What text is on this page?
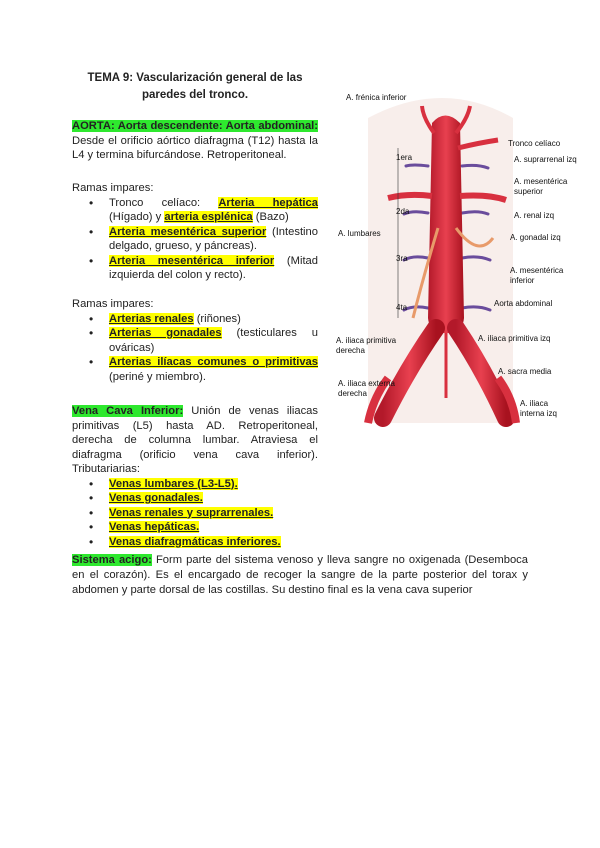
TEMA 9: Vascularización general de las
paredes del tronco.

AORTA: Aorta descendente: Aorta abdominal: Desde el orificio aórtico diafragma (T12) hasta la L4 y termina bifurcándose. Retroperitoneal.

Ramas impares:

• Tronco celíaco: Arteria hepática (Hígado) y arteria esplénica (Bazo)
• Arteria mesentérica superior (Intestino delgado, grueso, y páncreas).
• Arteria mesentérica inferior (Mitad izquierda del colon y recto).

Ramas impares:

• Arterias renales (riñones)
• Arterias gonadales (testiculares u ováricas)
• Arterias ilíacas comunes o primitivas (periné y miembro).

Vena Cava Inferior: Unión de venas iliacas primitivas (L5) hasta AD. Retroperitoneal, derecha de columna lumbar. Atraviesa el diafragma (orificio vena cava inferior). Tributariarias:

• Venas lumbares (L3-L5).
• Venas gonadales.
• Venas renales y suprarrenales.
• Venas hepáticas.
• Venas diafragmáticas inferiores.
Sistema acigo: Form parte del sistema venoso y lleva sangre no oxigenada (Desemboca en el corazón). Es el encargado de recoger la sangre de la parte posterior del torax y abdomen y parte dorsal de las costillas. Su destino final es la vena cava superior
A. frénica inferior
Tronco celíaco
A. suprarrenal izq
A. mesentérica
superior
A. renal izq
A. gonadal izq
A. mesentérica
inferior
Aorta abdominal
A. lumbares
1era
2da
3ra
4ta
A. iliaca primitiva
derecha
A. iliaca primitiva izq
A. sacra media
A. iliaca externa
derecha
A. iliaca
interna izq
